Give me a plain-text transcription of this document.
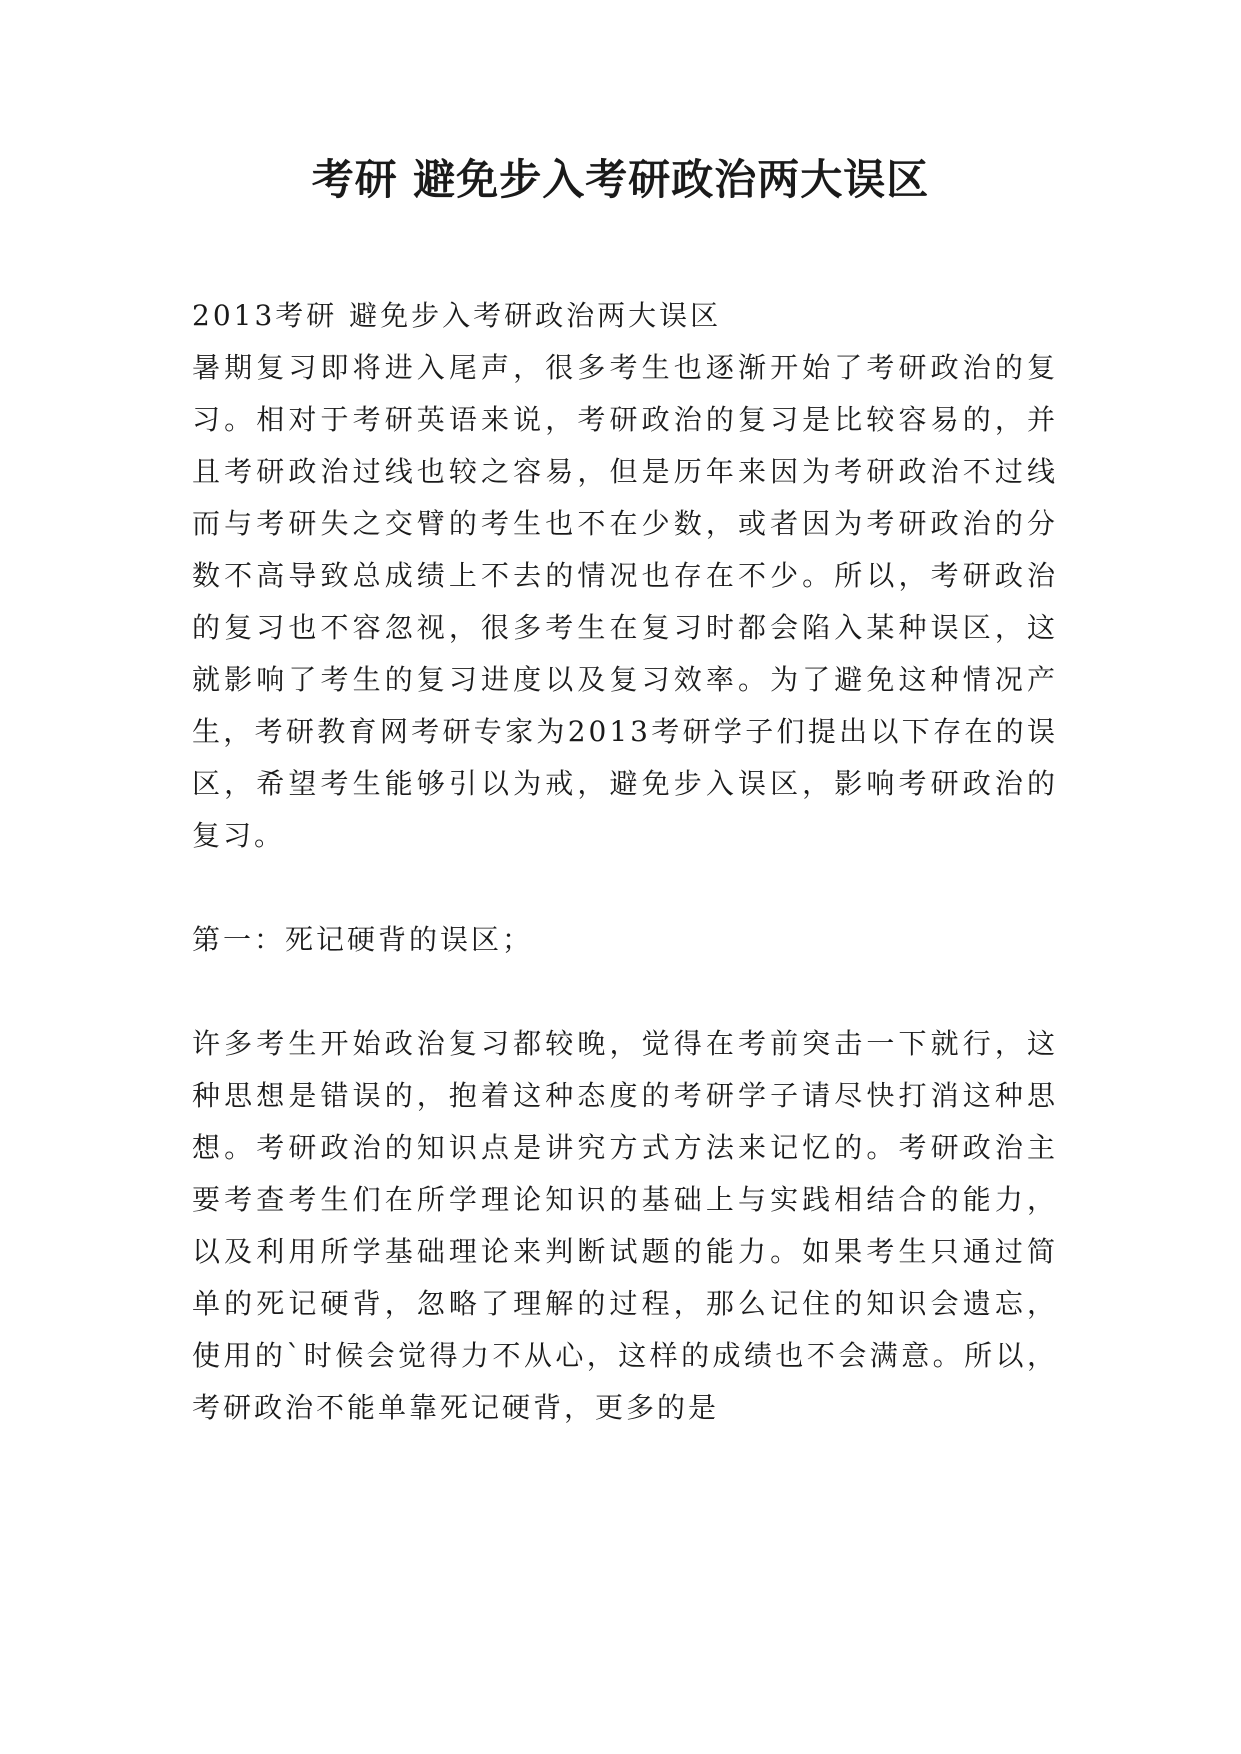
考研 避免步入考研政治两大误区

2013考研 避免步入考研政治两大误区

暑期复习即将进入尾声，很多考生也逐渐开始了考研政治的复习。相对于考研英语来说，考研政治的复习是比较容易的，并且考研政治过线也较之容易，但是历年来因为考研政治不过线而与考研失之交臂的考生也不在少数，或者因为考研政治的分数不高导致总成绩上不去的情况也存在不少。所以，考研政治的复习也不容忽视，很多考生在复习时都会陷入某种误区，这就影响了考生的复习进度以及复习效率。为了避免这种情况产生，考研教育网考研专家为2013考研学子们提出以下存在的误区，希望考生能够引以为戒，避免步入误区，影响考研政治的复习。

第一：死记硬背的误区；

许多考生开始政治复习都较晚，觉得在考前突击一下就行，这种思想是错误的，抱着这种态度的考研学子请尽快打消这种思想。考研政治的知识点是讲究方式方法来记忆的。考研政治主要考查考生们在所学理论知识的基础上与实践相结合的能力，以及利用所学基础理论来判断试题的能力。如果考生只通过简单的死记硬背，忽略了理解的过程，那么记住的知识会遗忘，使用的`时候会觉得力不从心，这样的成绩也不会满意。所以，考研政治不能单靠死记硬背，更多的是
